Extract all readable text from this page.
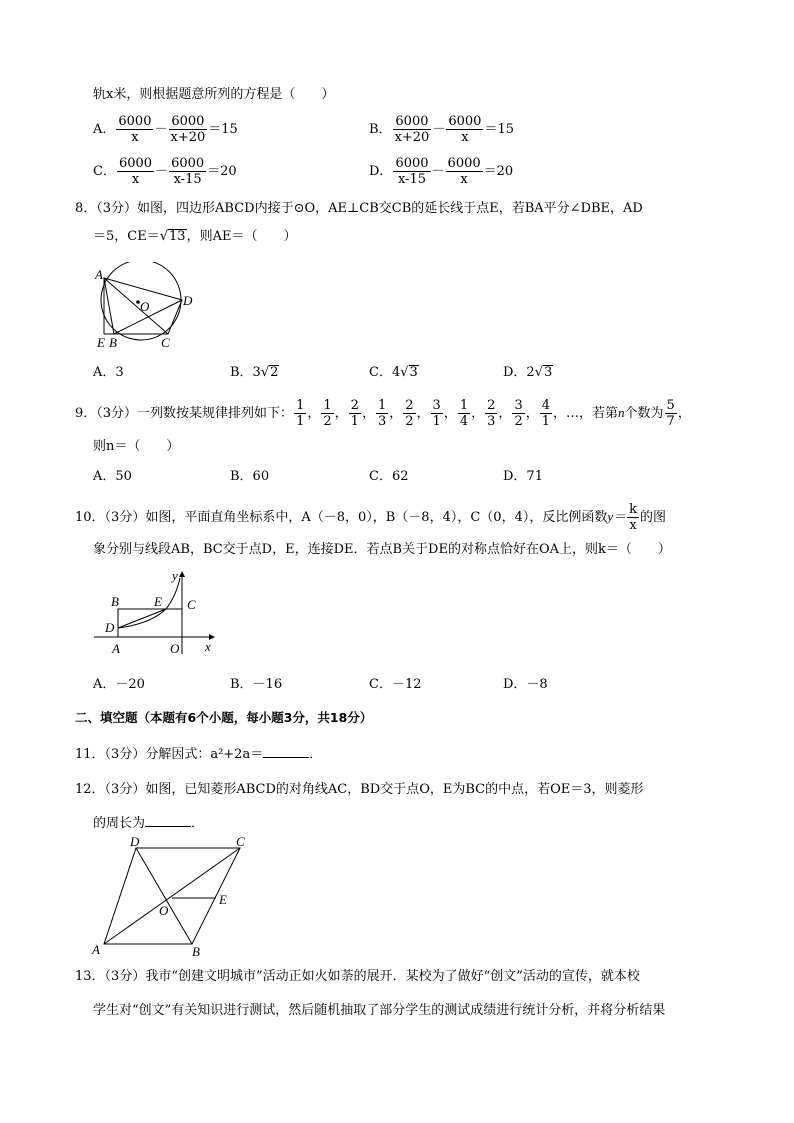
轨x米，则根据题意所列的方程是（　　）
A． $\frac{6000}{x} - \frac{6000}{x+20} =15$	B． $\frac{6000}{x+20} - \frac{6000}{x} =15$
C． $\frac{6000}{x} - \frac{6000}{x-15} =20$	D． $\frac{6000}{x-15} - \frac{6000}{x} =20$
8．（3分）如图，四边形ABCD内接于⊙O，AE⊥CB交CB的延长线于点E，若BA平分∠DBE，AD
＝5，CE＝√13，则AE＝（　　）
A
O	D
E B	C
A．3	B．3√2	C．4√3	D．2√3
9．（3分）一列数按某规律排列如下： $\frac{1}{1}$ ， $\frac{1}{2}$ ， $\frac{2}{1}$ ， $\frac{1}{3}$ ， $\frac{2}{2}$ ， $\frac{3}{1}$ ， $\frac{1}{4}$ ， $\frac{2}{3}$ ， $\frac{3}{2}$ ， $\frac{4}{1}$ ，…，若第n个数为 $\frac{5}{7}$ ，
则n＝（　　）
A．50	B．60	C．62	D．71
10．（3分）如图，平面直角坐标系中，A（－8，0），B（－8，4），C（0，4），反比例函数$y= \frac{k}{x}$ 的图
象分别与线段AB，BC交于点D，E，连接DE．若点B关于DE的对称点恰好在OA上，则k＝（　　）
y
B	E C
D
A	O x
A．－20	B．－16	C．－12	D．－8
二、填空题（本题有6个小题，每小题3分，共18分）
11．（3分）分解因式：a²+2a＝	．
12．（3分）如图，已知菱形ABCD的对角线AC，BD交于点O，E为BC的中点，若OE＝3，则菱形
的周长为	．
D	C
O
E
A	B
13．（3分）我市“创建文明城市”活动正如火如荼的展开．某校为了做好“创文”活动的宣传，就本校
学生对“创文”有关知识进行测试，然后随机抽取了部分学生的测试成绩进行统计分析，并将分析结果
